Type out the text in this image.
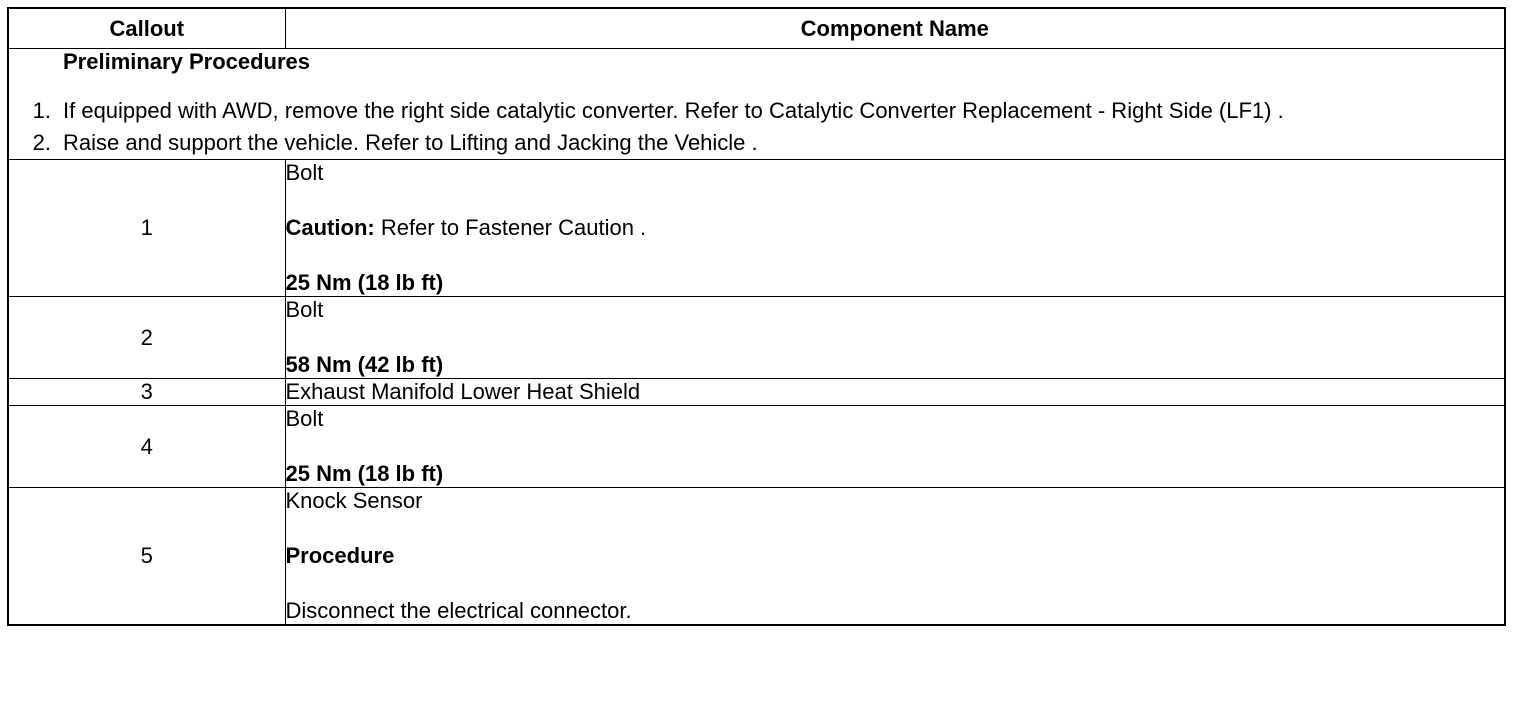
Callout	Component Name

Preliminary Procedures
1. If equipped with AWD, remove the right side catalytic converter. Refer to Catalytic Converter Replacement - Right Side (LF1) .
2. Raise and support the vehicle. Refer to Lifting and Jacking the Vehicle .	

1	Bolt
Caution: Refer to Fastener Caution .
25 Nm (18 lb ft)

2	Bolt
58 Nm (42 lb ft)

3	Exhaust Manifold Lower Heat Shield

4	Bolt
25 Nm (18 lb ft)

5	Knock Sensor
Procedure
Disconnect the electrical connector.
